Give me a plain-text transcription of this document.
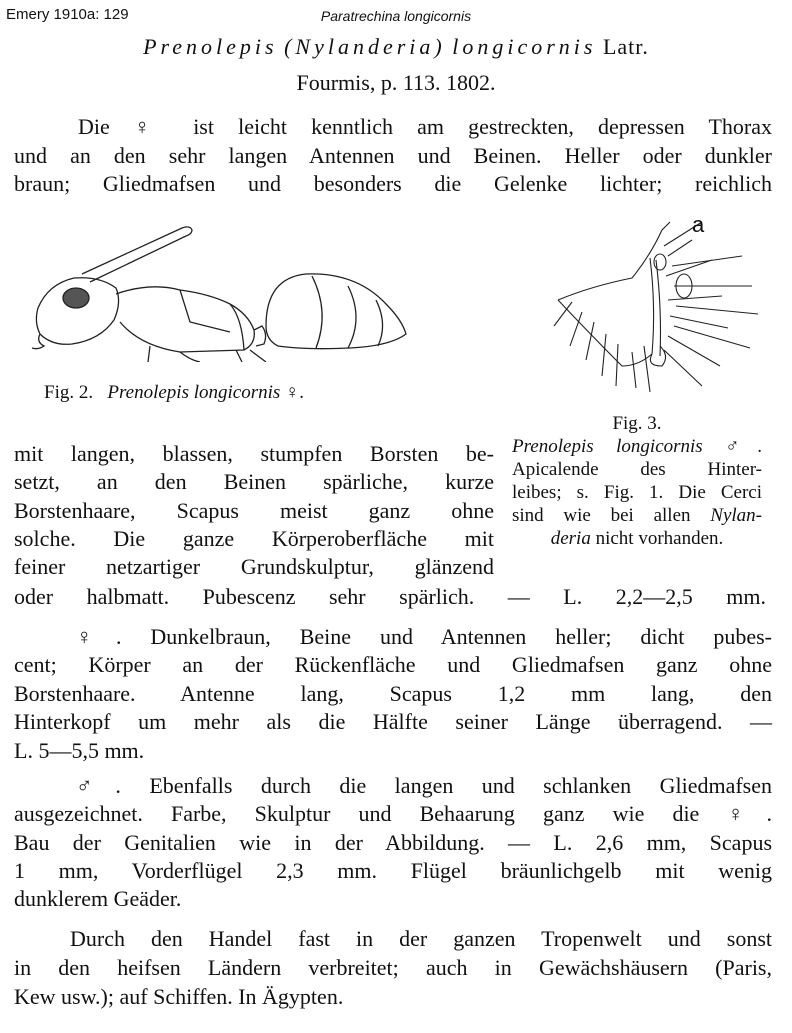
Emery 1910a: 129	Paratrechina longicornis
Prenolepis (Nylanderia) longicornis Latr.
Fourmis, p. 113. 1802.
Die ♀ ist leicht kenntlich am gestreckten, depressen Thorax
und an den sehr langen Antennen und Beinen. Heller oder dunkler
braun; Gliedmafsen und besonders die Gelenke lichter; reichlich
Fig. 2. Prenolepis longicornis ♀.
a
Fig. 3.
Prenolepis longicornis ♂.
Apicalende des Hinter-
leibes; s. Fig. 1. Die Cerci
sind wie bei allen Nylan-
deria nicht vorhanden.
mit langen, blassen, stumpfen Borsten be-
setzt, an den Beinen spärliche, kurze
Borstenhaare, Scapus meist ganz ohne
solche. Die ganze Körperoberfläche mit
feiner netzartiger Grundskulptur, glänzend
oder halbmatt. Pubescenz sehr spärlich. — L. 2,2—2,5 mm.
♀. Dunkelbraun, Beine und Antennen heller; dicht pubes-
cent; Körper an der Rückenfläche und Gliedmafsen ganz ohne
Borstenhaare. Antenne lang, Scapus 1,2 mm lang, den
Hinterkopf um mehr als die Hälfte seiner Länge überragend. —
L. 5—5,5 mm.
♂. Ebenfalls durch die langen und schlanken Gliedmafsen
ausgezeichnet. Farbe, Skulptur und Behaarung ganz wie die ♀.
Bau der Genitalien wie in der Abbildung. — L. 2,6 mm, Scapus
1 mm, Vorderflügel 2,3 mm. Flügel bräunlichgelb mit wenig
dunklerem Geäder.
Durch den Handel fast in der ganzen Tropenwelt und sonst
in den heifsen Ländern verbreitet; auch in Gewächshäusern (Paris,
Kew usw.); auf Schiffen. In Ägypten.
